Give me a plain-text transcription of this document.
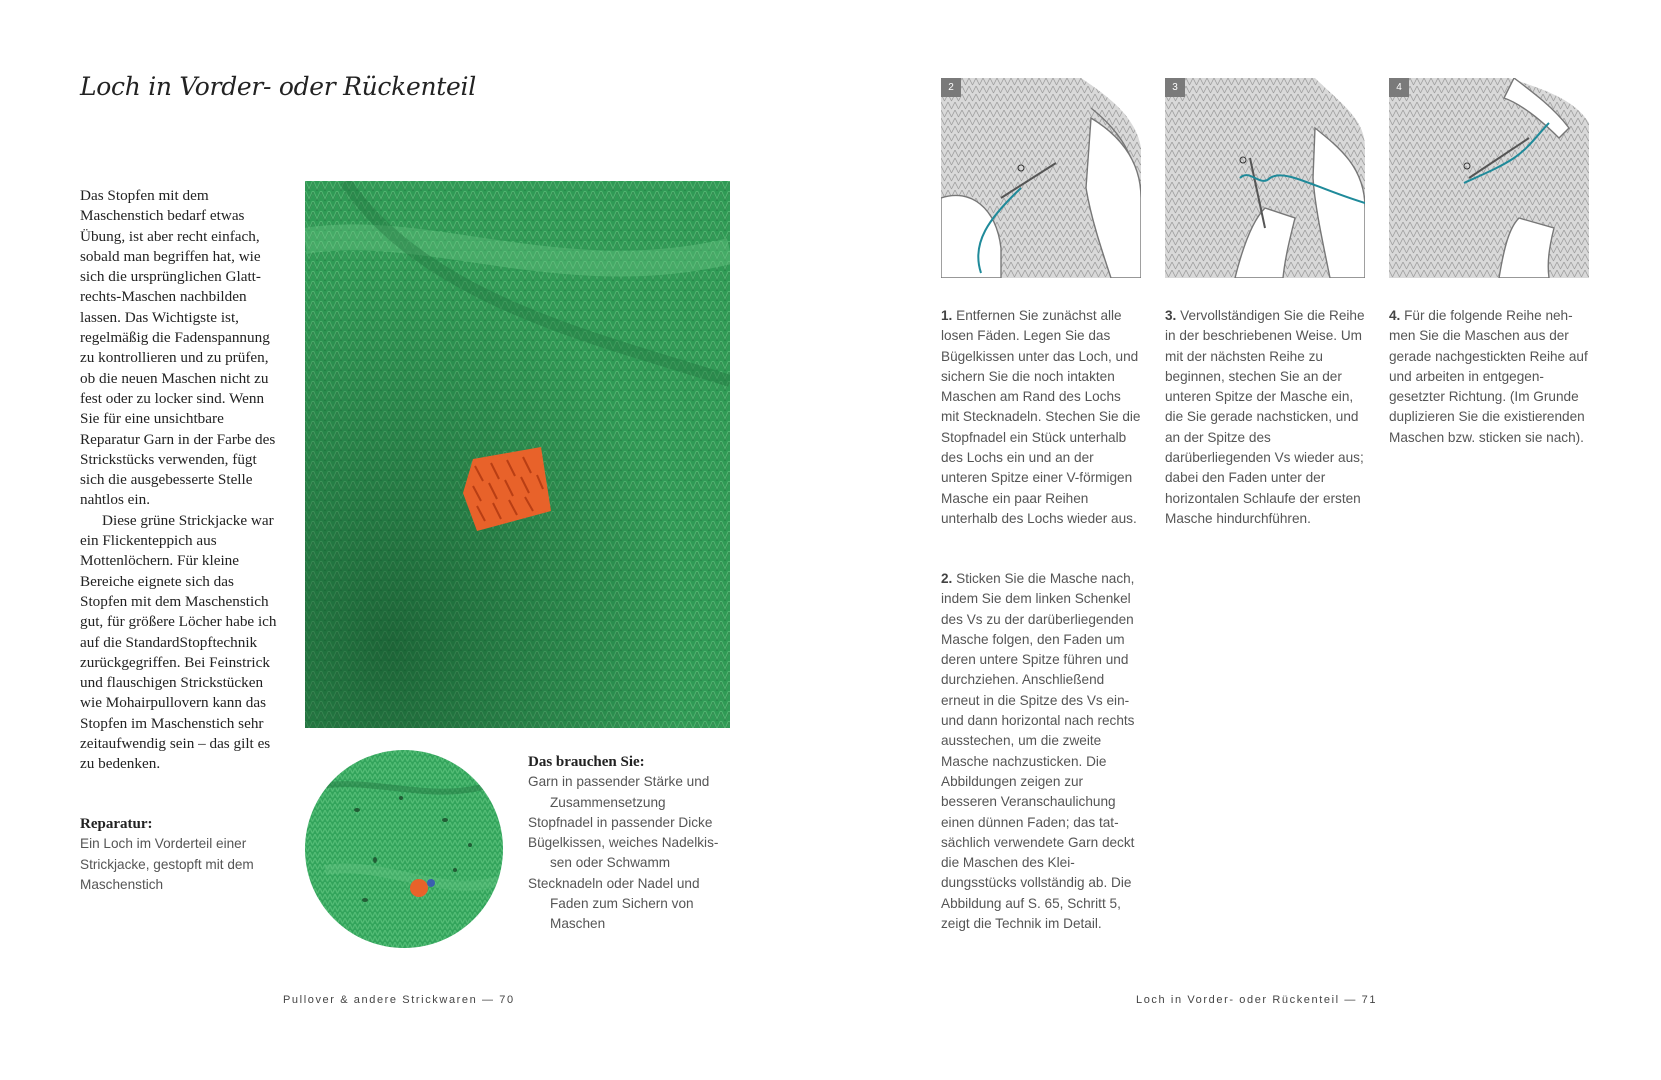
Loch in Vorder- oder Rückenteil

Das Stopfen mit dem Maschenstich bedarf etwas Übung, ist aber recht einfach, sobald man begriffen hat, wie sich die ursprünglichen Glatt-rechts-Maschen nachbilden lassen. Das Wichtigste ist, regelmäßig die Fadenspannung zu kontrollieren und zu prüfen, ob die neuen Maschen nicht zu fest oder zu locker sind. Wenn Sie für eine unsichtbare Reparatur Garn in der Farbe des Strickstücks verwenden, fügt sich die ausgebesserte Stelle nahtlos ein.

Diese grüne Strickjacke war ein Flickenteppich aus Mottenlöchern. Für kleine Bereiche eignete sich das Stopfen mit dem Maschenstich gut, für größere Löcher habe ich auf die StandardStopftechnik zurückgegriffen. Bei Feinstrick und flauschigen Strickstücken wie Mohairpullovern kann das Stopfen im Maschenstich sehr zeitaufwendig sein – das gilt es zu bedenken.

Reparatur:
Ein Loch im Vorderteil einer Strickjacke, gestopft mit dem Maschenstich
Das brauchen Sie:
Garn in passender Stärke und Zusammensetzung
Stopfnadel in passender Dicke
Bügelkissen, weiches Nadelkissen oder Schwamm
Stecknadeln oder Nadel und Faden zum Sichern von Maschen
Pullover & andere Strickwaren — 70
2	3	4

1. Entfernen Sie zunächst alle losen Fäden. Legen Sie das Bügelkissen unter das Loch, und sichern Sie die noch intakten Maschen am Rand des Lochs mit Stecknadeln. Stechen Sie die Stopfnadel ein Stück unterhalb des Lochs ein und an der unteren Spitze einer V-förmigen Masche ein paar Reihen unterhalb des Lochs wieder aus.

2. Sticken Sie die Masche nach, indem Sie dem linken Schenkel des Vs zu der darüberliegenden Masche folgen, den Faden um deren untere Spitze führen und durchziehen. Anschließend erneut in die Spitze des Vs ein- und dann horizontal nach rechts ausstechen, um die zweite Masche nachzusticken. Die Abbildungen zeigen zur besseren Veranschaulichung einen dünnen Faden; das tatsächlich verwendete Garn deckt die Maschen des Kleidungsstücks vollständig ab. Die Abbildung auf S. 65, Schritt 5, zeigt die Technik im Detail.

3. Vervollständigen Sie die Reihe in der beschriebenen Weise. Um mit der nächsten Reihe zu beginnen, stechen Sie an der unteren Spitze der Masche ein, die Sie gerade nachsticken, und an der Spitze des darüberliegenden Vs wieder aus; dabei den Faden unter der horizontalen Schlaufe der ersten Masche hindurchführen.

4. Für die folgende Reihe nehmen Sie die Maschen aus der gerade nachgestickten Reihe auf und arbeiten in entgegengesetzter Richtung. (Im Grunde duplizieren Sie die existierenden Maschen bzw. sticken sie nach).

Loch in Vorder- oder Rückenteil — 71
